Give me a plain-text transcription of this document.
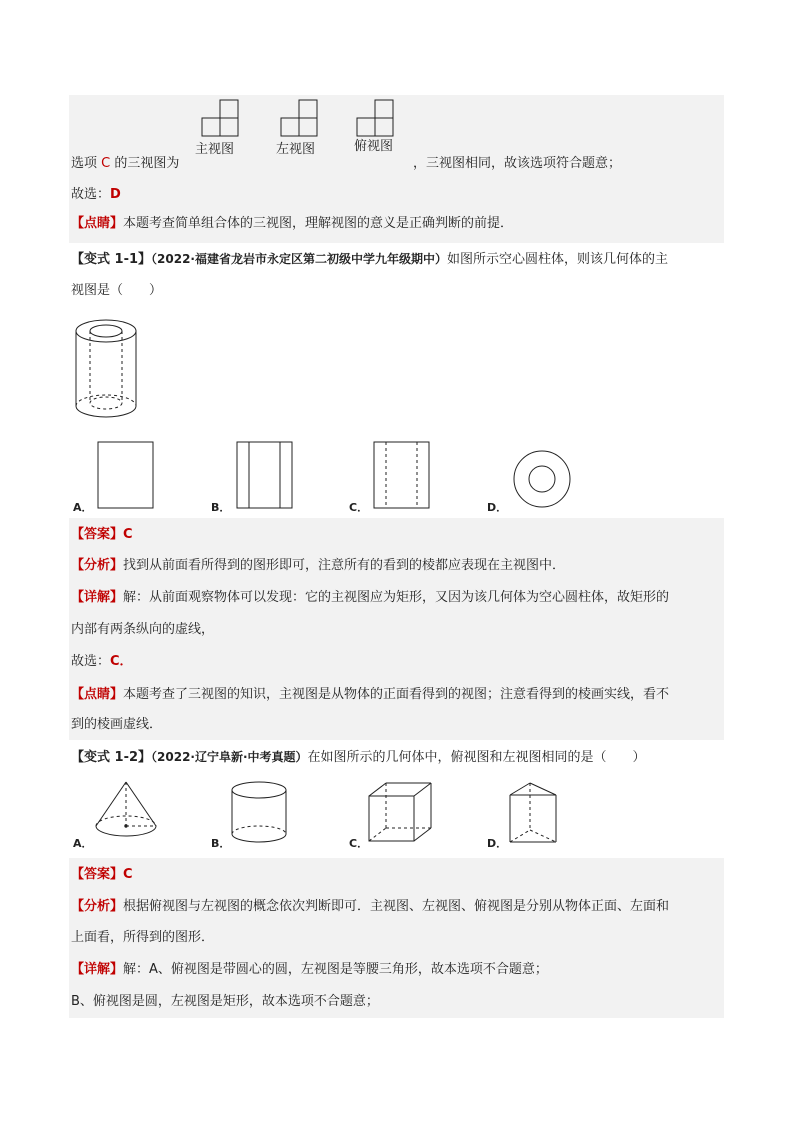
主视图	左视图	俯视图
选项 C 的三视图为	，三视图相同，故该选项符合题意；
故选：D
【点睛】本题考查简单组合体的三视图，理解视图的意义是正确判断的前提．
【变式 1-1】（2022·福建省龙岩市永定区第二初级中学九年级期中）如图所示空心圆柱体，则该几何体的主
视图是（　　）
A．	B．	C．	D．
【答案】C
【分析】找到从前面看所得到的图形即可，注意所有的看到的棱都应表现在主视图中．
【详解】解：从前面观察物体可以发现：它的主视图应为矩形，又因为该几何体为空心圆柱体，故矩形的
内部有两条纵向的虚线，
故选：C．
【点睛】本题考查了三视图的知识，主视图是从物体的正面看得到的视图；注意看得到的棱画实线，看不
到的棱画虚线．
【变式 1-2】（2022·辽宁阜新·中考真题）在如图所示的几何体中，俯视图和左视图相同的是（　　）
A．	B．	C．	D．
【答案】C
【分析】根据俯视图与左视图的概念依次判断即可．主视图、左视图、俯视图是分别从物体正面、左面和
上面看，所得到的图形．
【详解】解：A、俯视图是带圆心的圆，左视图是等腰三角形，故本选项不合题意；
B、俯视图是圆，左视图是矩形，故本选项不合题意；
